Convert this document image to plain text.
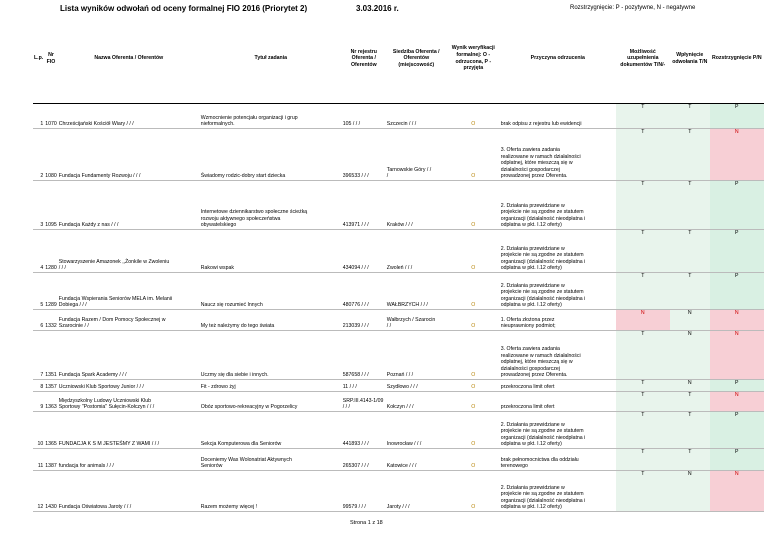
Lista wyników odwołań od oceny formalnej FIO 2016 (Priorytet 2)	3.03.2016 r.	Rozstrzygnięcie: P - pozytywne, N - negatywne
L.p.	Nr FIO	Nazwa Oferenta / Oferentów	Tytuł zadania	Nr rejestru Oferenta / Oferentów	Siedziba Oferenta / Oferentów (miejscowość)	Wynik weryfikacji formalnej: O - odrzucona, P - przyjęta	Przyczyna odrzucenia	Możliwość uzupełnienia dokumentów T/N/-	Wpłynięcie odwołania T/N	Rozstrzygnięcie P/N
1	1070	Chrześcijański Kościół Wiary / / /	Wzmocnienie potencjału organizacji i grup
nieformalnych.	105 / / /	Szczecin / / /	O	brak odpisu z rejestru lub ewidencji	T	T	P
2	1080	Fundacja Fundamenty Rozwoju / / /	Świadomy rodzic-dobry start dziecka	396533 / / /	Tarnowskie Góry / /
/	O	3. Oferta zawiera zadania
realizowane w ramach działalności
odpłatnej, które mieszczą się w
działalności gospodarczej
prowadzonej przez Oferenta.	T	T	N
3	1095	Fundacja Każdy z nas / / /	Internetowe dziennikarstwo społeczne ścieżką
rozwoju aktywnego społeczeństwa
obywatelskiego	413971 / / /	Kraków / / /	O	2. Działania przewidziane w
projekcie nie są zgodne ze statutem
organizacji (działalność nieodpłatna i
odpłatna w pkt. I.12 oferty)	T	T	P
4	1280	Stowarzyszenie Amazonek ,,Żonkile w Zwoleniu
/ / /	Rakowi wspak	434094 / / /	Zwoleń / / /	O	2. Działania przewidziane w
projekcie nie są zgodne ze statutem
organizacji (działalność nieodpłatna i
odpłatna w pkt. I.12 oferty)	T	T	P
5	1289	Fundacja Wspierania Seniorów MELA im. Melanii
Dobiega / / /	Naucz się rozumieć Innych	480776 / / /	WAŁBRZYCH / / /	O	2. Działania przewidziane w
projekcie nie są zgodne ze statutem
organizacji (działalność nieodpłatna i
odpłatna w pkt. I.12 oferty)	T	T	P
6	1332	Fundacja Razem / Dom Pomocy Społecznej w
Szarocinie / /	My też należymy do tego świata	213039 / / /	Wałbrzych / Szarocin
/ /	O	1. Oferta złożona przez
nieuprawniony podmiot;	N	N	N
7	1351	Fundacja Spark Academy / / /	Uczmy się dla siebie i innych.	587658 / / /	Poznań / / /	O	3. Oferta zawiera zadania
realizowane w ramach działalności
odpłatnej, które mieszczą się w
działalności gospodarczej
prowadzonej przez Oferenta.	T	N	N
8	1357	Uczniowski Klub Sportowy Junior / / /	Fit - zdrowo żyj	11 / / /	Szydłowo / / /	O	przekroczona limit ofert	T	N	P
9	1363	Międzyszkolny Ludowy Uczniowski Klub
Sportowy "Postomia" Sułęcin-Kołczyn / / /	Obóz sportowo-rekreacyjny w Pogorzelicy	SRP.III.4143-1/09
/ / /	Kołczyn / / /	O	przekroczona limit ofert	T	T	N
10	1365	FUNDACJA K S M JESTEŚMY Z WAMI / / /	Sekcja Komputerowa dla Seniorów	441893 / / /	Inowrocław / / /	O	2. Działania przewidziane w
projekcie nie są zgodne ze statutem
organizacji (działalność nieodpłatna i
odpłatna w pkt. I.12 oferty)	T	T	P
11	1387	fundacja for animals / / /	Docenіemy Was Wolonatriat Aktywnych
Seniorów	265307 / / /	Katowice / / /	O	brak pełnomocnictwa dla oddziału
terenowego	T	T	P
12	1430	Fundacja Oświatowa Jaroty / / /	Razem możemy więcej !	99579 / / /	Jaroty / / /	O	2. Działania przewidziane w
projekcie nie są zgodne ze statutem
organizacji (działalność nieodpłatna i
odpłatna w pkt. I.12 oferty)	T	N	N
Strona 1 z 18
